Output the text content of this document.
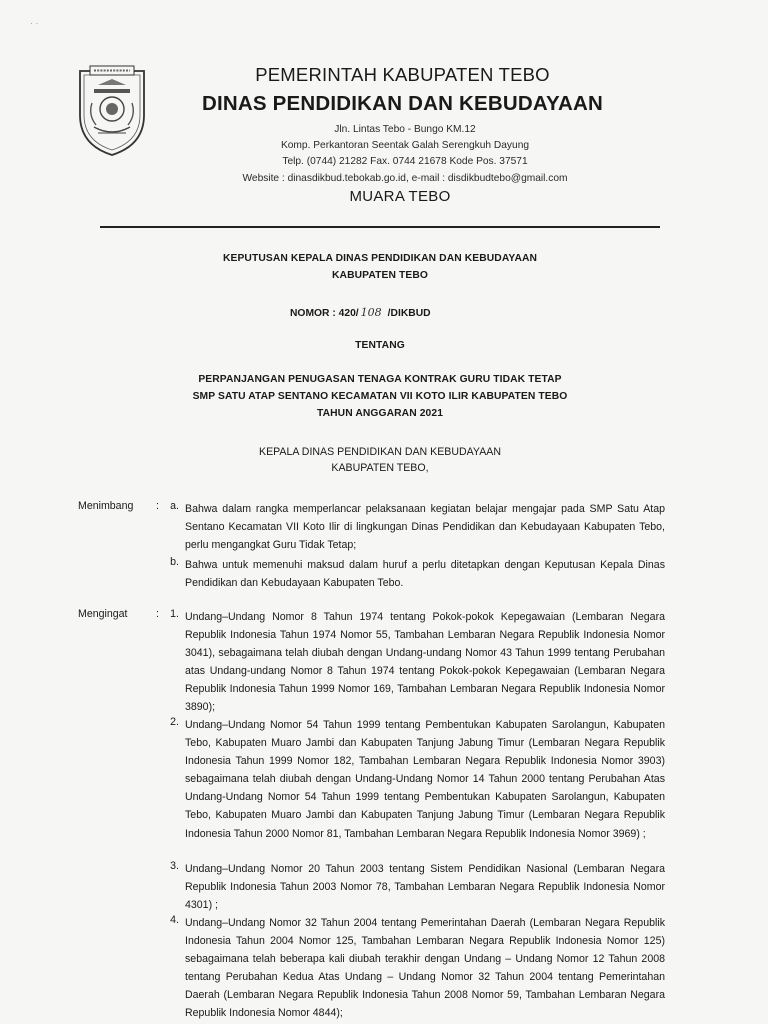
· ·
PEMERINTAH KABUPATEN TEBO
DINAS PENDIDIKAN DAN KEBUDAYAAN
Jln. Lintas Tebo - Bungo KM.12
Komp. Perkantoran Seentak Galah Serengkuh Dayung
Telp. (0744) 21282 Fax. 0744 21678 Kode Pos. 37571
Website : dinasdikbud.tebokab.go.id, e-mail : disdikbudtebo@gmail.com
MUARA TEBO
KEPUTUSAN KEPALA DINAS PENDIDIKAN DAN KEBUDAYAAN
KABUPATEN TEBO
NOMOR : 420/ 108 /DIKBUD
TENTANG
PERPANJANGAN PENUGASAN TENAGA KONTRAK GURU TIDAK TETAP
SMP SATU ATAP SENTANO KECAMATAN VII KOTO ILIR KABUPATEN TEBO
TAHUN ANGGARAN 2021
KEPALA DINAS PENDIDIKAN DAN KEBUDAYAAN
KABUPATEN TEBO,
Menimbang :	a. Bahwa dalam rangka memperlancar pelaksanaan kegiatan belajar mengajar pada SMP Satu Atap Sentano Kecamatan VII Koto Ilir di lingkungan Dinas Pendidikan dan Kebudayaan Kabupaten Tebo, perlu mengangkat Guru Tidak Tetap;
b. Bahwa untuk memenuhi maksud dalam huruf a perlu ditetapkan dengan Keputusan Kepala Dinas Pendidikan dan Kebudayaan Kabupaten Tebo.
Mengingat	:	1. Undang–Undang Nomor 8 Tahun 1974 tentang Pokok-pokok Kepegawaian (Lembaran Negara Republik Indonesia Tahun 1974 Nomor 55, Tambahan Lembaran Negara Republik Indonesia Nomor 3041), sebagaimana telah diubah dengan Undang-undang Nomor 43 Tahun 1999 tentang Perubahan atas Undang-undang Nomor 8 Tahun 1974 tentang Pokok-pokok Kepegawaian (Lembaran Negara Republik Indonesia Tahun 1999 Nomor 169, Tambahan Lembaran Negara Republik Indonesia Nomor 3890);
2. Undang–Undang Nomor 54 Tahun 1999 tentang Pembentukan Kabupaten Sarolangun, Kabupaten Tebo, Kabupaten Muaro Jambi dan Kabupaten Tanjung Jabung Timur (Lembaran Negara Republik Indonesia Tahun 1999 Nomor 182, Tambahan Lembaran Negara Republik Indonesia Nomor 3903) sebagaimana telah diubah dengan Undang-Undang Nomor 14 Tahun 2000 tentang Perubahan Atas Undang-Undang Nomor 54 Tahun 1999 tentang Pembentukan Kabupaten Sarolangun, Kabupaten Tebo, Kabupaten Muaro Jambi dan Kabupaten Tanjung Jabung Timur (Lembaran Negara Republik Indonesia Tahun 2000 Nomor 81, Tambahan Lembaran Negara Republik Indonesia Nomor 3969) ;
3. Undang–Undang Nomor 20 Tahun 2003 tentang Sistem Pendidikan Nasional (Lembaran Negara Republik Indonesia Tahun 2003 Nomor 78, Tambahan Lembaran Negara Republik Indonesia Nomor 4301) ;
4. Undang–Undang Nomor 32 Tahun 2004 tentang Pemerintahan Daerah (Lembaran Negara Republik Indonesia Tahun 2004 Nomor 125, Tambahan Lembaran Negara Republik Indonesia Nomor 125) sebagaimana telah beberapa kali diubah terakhir dengan Undang – Undang Nomor 12 Tahun 2008 tentang Perubahan Kedua Atas Undang – Undang Nomor 32 Tahun 2004 tentang Pemerintahan Daerah (Lembaran Negara Republik Indonesia Tahun 2008 Nomor 59, Tambahan Lembaran Negara Republik Indonesia Nomor 4844);
